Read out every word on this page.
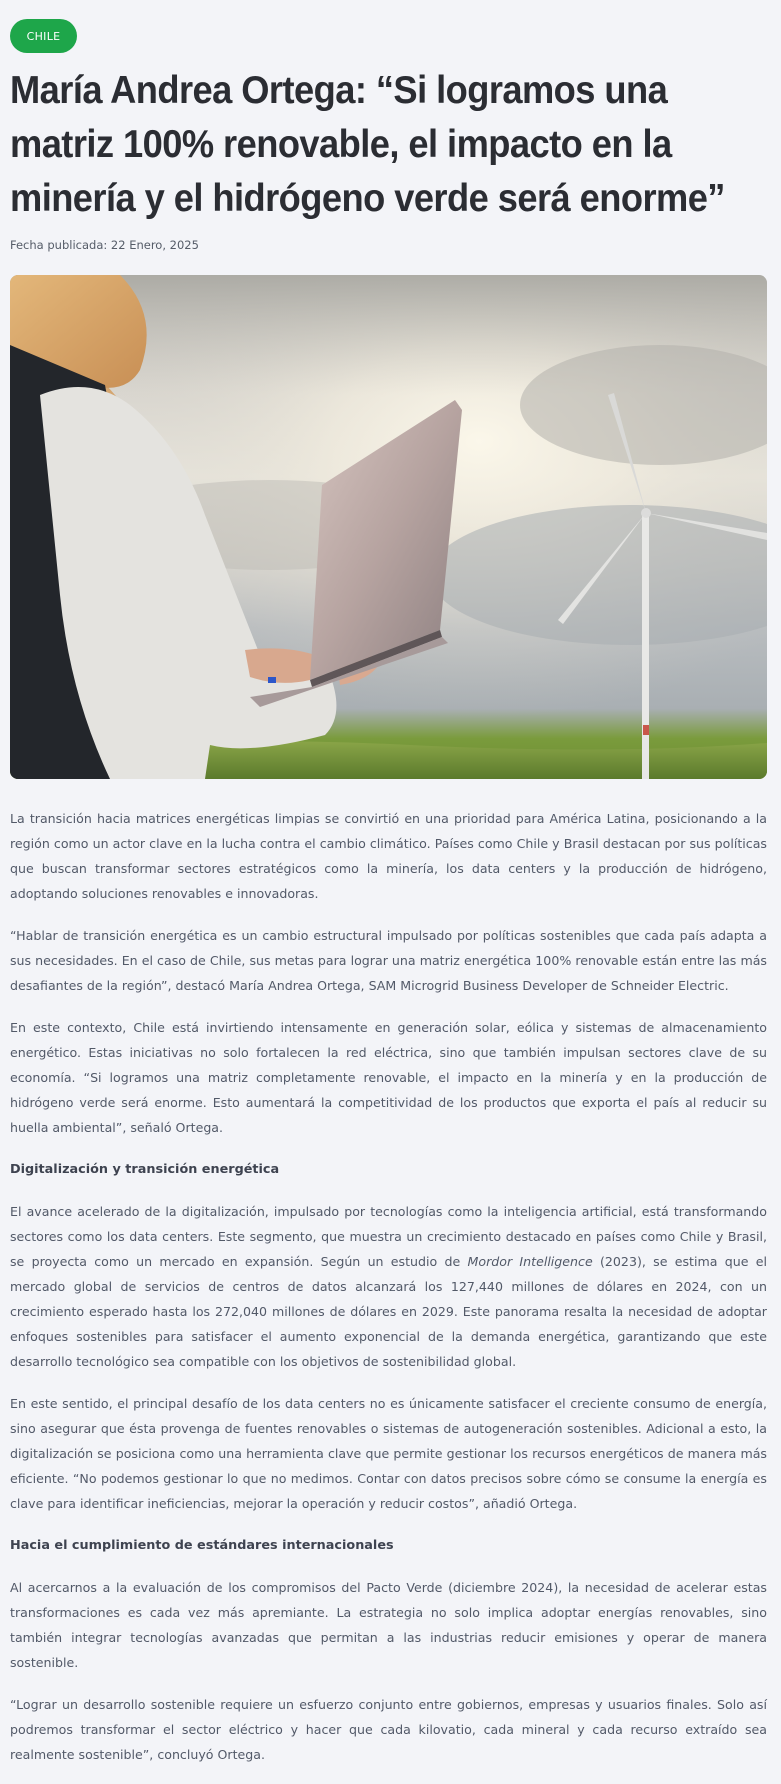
CHILE
María Andrea Ortega: “Si logramos una matriz 100% renovable, el impacto en la minería y el hidrógeno verde será enorme”
Fecha publicada: 22 Enero, 2025

La transición hacia matrices energéticas limpias se convirtió en una prioridad para América Latina, posicionando a la región como un actor clave en la lucha contra el cambio climático. Países como Chile y Brasil destacan por sus políticas que buscan transformar sectores estratégicos como la minería, los data centers y la producción de hidrógeno, adoptando soluciones renovables e innovadoras.

“Hablar de transición energética es un cambio estructural impulsado por políticas sostenibles que cada país adapta a sus necesidades. En el caso de Chile, sus metas para lograr una matriz energética 100% renovable están entre las más desafiantes de la región”, destacó María Andrea Ortega, SAM Microgrid Business Developer de Schneider Electric.

En este contexto, Chile está invirtiendo intensamente en generación solar, eólica y sistemas de almacenamiento energético. Estas iniciativas no solo fortalecen la red eléctrica, sino que también impulsan sectores clave de su economía. “Si logramos una matriz completamente renovable, el impacto en la minería y en la producción de hidrógeno verde será enorme. Esto aumentará la competitividad de los productos que exporta el país al reducir su huella ambiental”, señaló Ortega.

Digitalización y transición energética

El avance acelerado de la digitalización, impulsado por tecnologías como la inteligencia artificial, está transformando sectores como los data centers. Este segmento, que muestra un crecimiento destacado en países como Chile y Brasil, se proyecta como un mercado en expansión. Según un estudio de Mordor Intelligence (2023), se estima que el mercado global de servicios de centros de datos alcanzará los 127,440 millones de dólares en 2024, con un crecimiento esperado hasta los 272,040 millones de dólares en 2029. Este panorama resalta la necesidad de adoptar enfoques sostenibles para satisfacer el aumento exponencial de la demanda energética, garantizando que este desarrollo tecnológico sea compatible con los objetivos de sostenibilidad global.

En este sentido, el principal desafío de los data centers no es únicamente satisfacer el creciente consumo de energía, sino asegurar que ésta provenga de fuentes renovables o sistemas de autogeneración sostenibles. Adicional a esto, la digitalización se posiciona como una herramienta clave que permite gestionar los recursos energéticos de manera más eficiente. “No podemos gestionar lo que no medimos. Contar con datos precisos sobre cómo se consume la energía es clave para identificar ineficiencias, mejorar la operación y reducir costos”, añadió Ortega.

Hacia el cumplimiento de estándares internacionales

Al acercarnos a la evaluación de los compromisos del Pacto Verde (diciembre 2024), la necesidad de acelerar estas transformaciones es cada vez más apremiante. La estrategia no solo implica adoptar energías renovables, sino también integrar tecnologías avanzadas que permitan a las industrias reducir emisiones y operar de manera sostenible.

“Lograr un desarrollo sostenible requiere un esfuerzo conjunto entre gobiernos, empresas y usuarios finales. Solo así podremos transformar el sector eléctrico y hacer que cada kilovatio, cada mineral y cada recurso extraído sea realmente sostenible”, concluyó Ortega.
